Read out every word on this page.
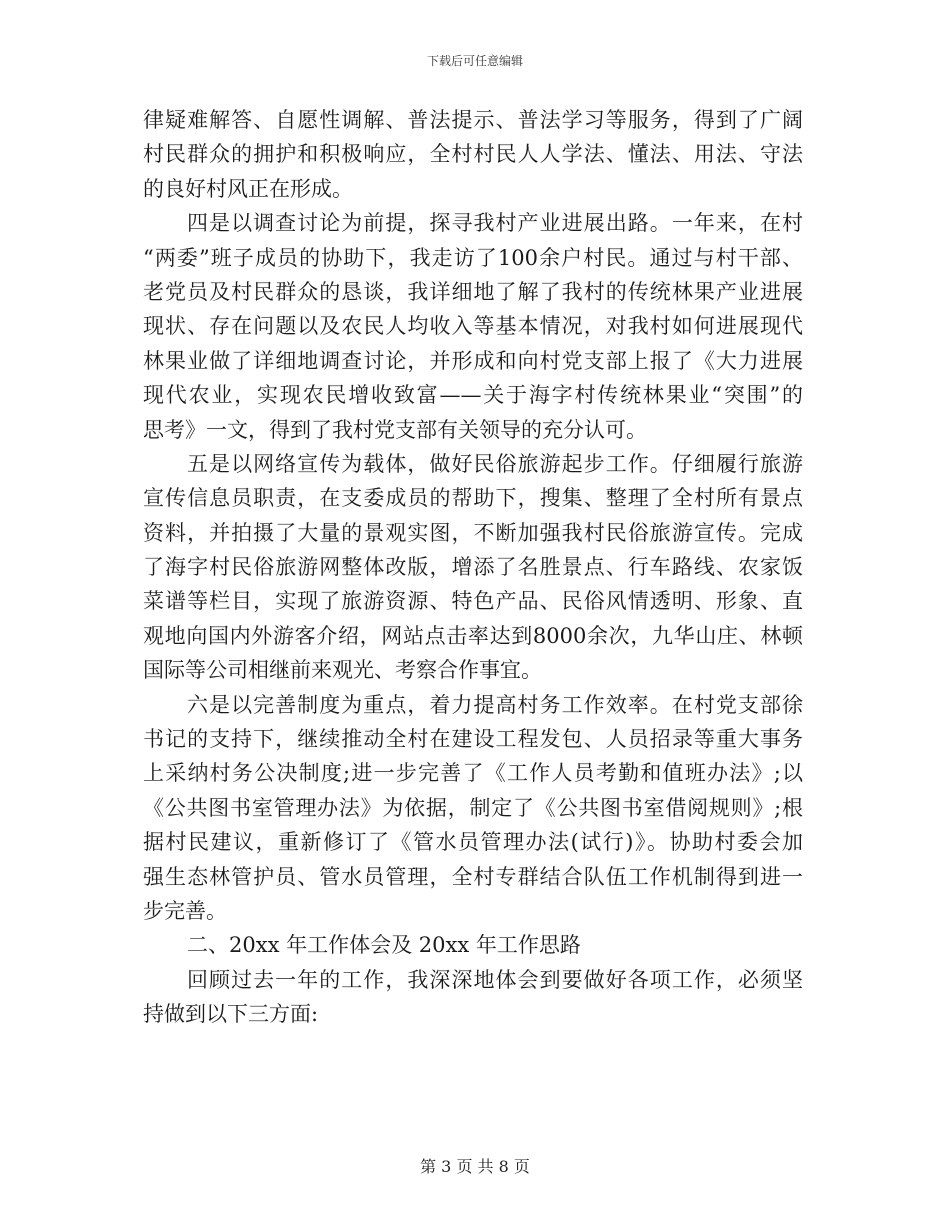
下载后可任意编辑
律疑难解答、自愿性调解、普法提示、普法学习等服务，得到了广阔
村民群众的拥护和积极响应，全村村民人人学法、懂法、用法、守法
的良好村风正在形成。
四是以调查讨论为前提，探寻我村产业进展出路。一年来，在村
“两委”班子成员的协助下，我走访了100余户村民。通过与村干部、
老党员及村民群众的恳谈，我详细地了解了我村的传统林果产业进展
现状、存在问题以及农民人均收入等基本情况，对我村如何进展现代
林果业做了详细地调查讨论，并形成和向村党支部上报了《大力进展
现代农业，实现农民增收致富——关于海字村传统林果业“突围”的
思考》一文，得到了我村党支部有关领导的充分认可。
五是以网络宣传为载体，做好民俗旅游起步工作。仔细履行旅游
宣传信息员职责，在支委成员的帮助下，搜集、整理了全村所有景点
资料，并拍摄了大量的景观实图，不断加强我村民俗旅游宣传。完成
了海字村民俗旅游网整体改版，增添了名胜景点、行车路线、农家饭
菜谱等栏目，实现了旅游资源、特色产品、民俗风情透明、形象、直
观地向国内外游客介绍，网站点击率达到8000余次，九华山庄、林顿
国际等公司相继前来观光、考察合作事宜。
六是以完善制度为重点，着力提高村务工作效率。在村党支部徐
书记的支持下，继续推动全村在建设工程发包、人员招录等重大事务
上采纳村务公决制度;进一步完善了《工作人员考勤和值班办法》;以
《公共图书室管理办法》为依据，制定了《公共图书室借阅规则》;根
据村民建议，重新修订了《管水员管理办法(试行)》。协助村委会加
强生态林管护员、管水员管理，全村专群结合队伍工作机制得到进一
步完善。
二、20xx 年工作体会及 20xx 年工作思路
回顾过去一年的工作，我深深地体会到要做好各项工作，必须坚
持做到以下三方面:
第 3 页 共 8 页
